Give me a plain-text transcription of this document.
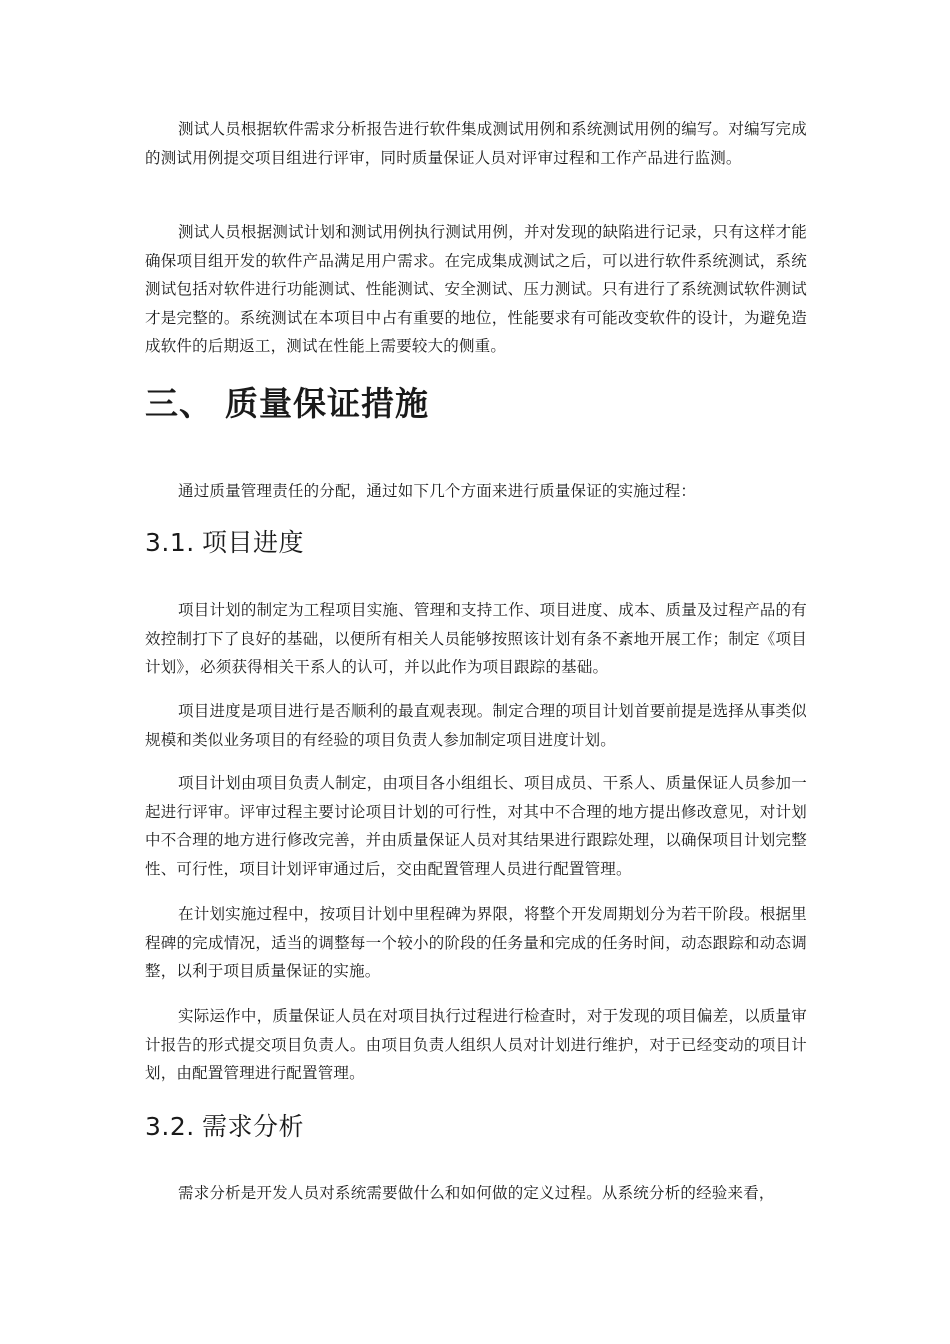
测试人员根据软件需求分析报告进行软件集成测试用例和系统测试用例的编写。对编写完成的测试用例提交项目组进行评审，同时质量保证人员对评审过程和工作产品进行监测。

测试人员根据测试计划和测试用例执行测试用例，并对发现的缺陷进行记录，只有这样才能确保项目组开发的软件产品满足用户需求。在完成集成测试之后，可以进行软件系统测试，系统测试包括对软件进行功能测试、性能测试、安全测试、压力测试。只有进行了系统测试软件测试才是完整的。系统测试在本项目中占有重要的地位，性能要求有可能改变软件的设计，为避免造成软件的后期返工，测试在性能上需要较大的侧重。

三、 质量保证措施

通过质量管理责任的分配，通过如下几个方面来进行质量保证的实施过程：

3.1. 项目进度

项目计划的制定为工程项目实施、管理和支持工作、项目进度、成本、质量及过程产品的有效控制打下了良好的基础，以便所有相关人员能够按照该计划有条不紊地开展工作；制定《项目计划》，必须获得相关干系人的认可，并以此作为项目跟踪的基础。

项目进度是项目进行是否顺利的最直观表现。制定合理的项目计划首要前提是选择从事类似规模和类似业务项目的有经验的项目负责人参加制定项目进度计划。

项目计划由项目负责人制定，由项目各小组组长、项目成员、干系人、质量保证人员参加一起进行评审。评审过程主要讨论项目计划的可行性，对其中不合理的地方提出修改意见，对计划中不合理的地方进行修改完善，并由质量保证人员对其结果进行跟踪处理，以确保项目计划完整性、可行性，项目计划评审通过后，交由配置管理人员进行配置管理。

在计划实施过程中，按项目计划中里程碑为界限，将整个开发周期划分为若干阶段。根据里程碑的完成情况，适当的调整每一个较小的阶段的任务量和完成的任务时间，动态跟踪和动态调整，以利于项目质量保证的实施。

实际运作中，质量保证人员在对项目执行过程进行检查时，对于发现的项目偏差，以质量审计报告的形式提交项目负责人。由项目负责人组织人员对计划进行维护，对于已经变动的项目计划，由配置管理进行配置管理。

3.2. 需求分析

需求分析是开发人员对系统需要做什么和如何做的定义过程。从系统分析的经验来看，
